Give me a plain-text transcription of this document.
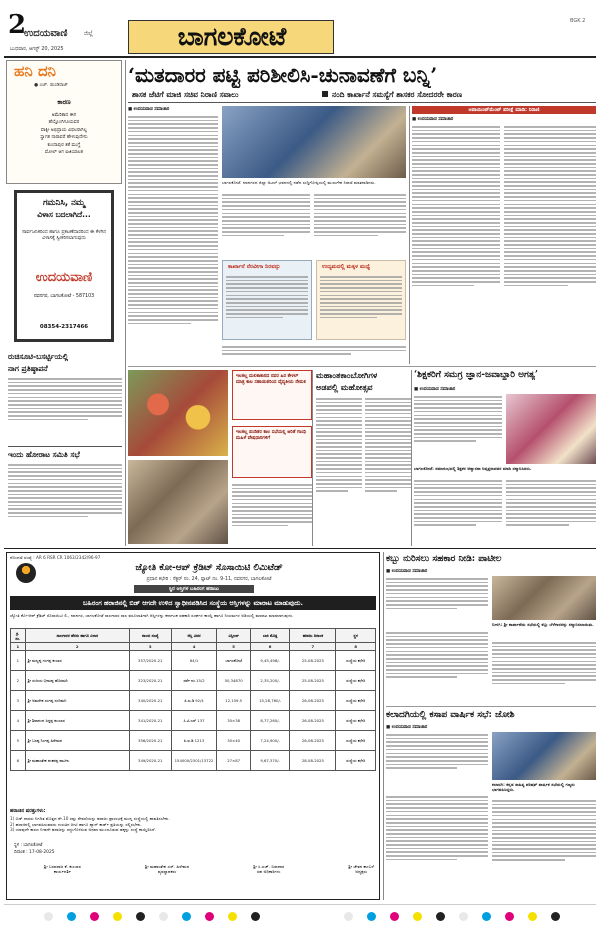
2
ಉದಯವಾಣಿ	ಜಿಲ್ಲೆ
ಬುಧವಾರ, ಆಗಸ್ಟ್ 20, 2025	ಬಾಗಲಕೋಟೆ
BGK 2
ಹನಿ ದನಿ
● ಎಚ್. ಡುಂಡಿರಾಜ್
ಕಾರಣ
ಅಮೆರಿಕಾದ ಈಗ
ಹೆಯ್ತೊಂಗಿಗೂಯವರ
ವಾಕ್ಸೀ ಅಭಿಪ್ರಾಯ ವಿಫಲರಾಗಿಲ್ಲ
ಸ್ವಾಗತ ನಾರಾವರೆ ಹೇಳುವುದೇನು
ಕುಂದಾಪುರ ಶಕೆ ಮುಗ್ದೆ
ಮೋಲ್ ಆಗ ಐಜಿಯಾಲಕ
ಗಮನಿಸಿ, ನಮ್ಮ
ವಿಳಾಸ ಬದಲಾಗಿದೆ...
ಸಾರ್ವಜನಿಕರಿಂದ ಹಾಗೂ ಪ್ರಕಟಣೆದಾರರಿಂದ ಈ ಕೆಳಗಿನ ವಿಳಾಸಕ್ಕೆ ಸ್ವೀಕರಿಸಲಾಗುವುದು
ಉದಯವಾಣಿ
ನವನಗರ, ಬಾಗಲಕೋಟೆ - 587103
08354-2317466
ರುಚಿಸೂಟಿ-ಬಸರ್ಟ್ಟಿಯಲ್ಲಿ
ನಾಗ ಪ್ರತಿಷ್ಠಾಪನೆ
ಇಂದು ಹೋರಾಟ ಸಮಿತಿ ಸಭೆ
‘ಮತದಾರರ ಪಟ್ಟಿ ಪರಿಶೀಲಿಸಿ-ಚುನಾವಣೆಗೆ ಬನ್ನಿ’
ಶಾಸಕ ಜೆಟಿಗೆ ಮಾಜಿ ಸಚಿವ ನಿರಾಣಿ ಸವಾಲು	ನಂದಿ ಕಾರ್ಖಾನೆ ಸಮಸ್ಯೆಗೆ ಶಾಸಕರ ಸೋದರರೇ ಕಾರಣ
■ ಉದಯವಾಣಿ ಸಮಾಚಾರ
ಬಾಗಲಕೋಟೆ: ನವನಗರದ ಜಿಲ್ಲಾ ಅಟಲ್‌ ಭವನದಲ್ಲಿ ನಡೆದ ಸುದ್ದಿಗೋಷ್ಠಿಯಲ್ಲಿ ಮುರುಗೇಶ ನಿರಾಣಿ ಮಾತನಾಡಿದರು.
ಕಾರ್ಖಾನೆ ನೆರವೀಗಾ ನಿರವನ್ನು	ಉದ್ಯಮದಲ್ಲಿ ಮಕ್ಕಳ ಮಧ್ಯೆ
ಅಪಾಯಿಂಟ್‌ಮೆಂಟ್ ಪರೀಕ್ಷೆ ಮಾಡಿ: ನಿರಾಣಿ
■ ಉದಯವಾಣಿ ಸಮಾಚಾರ
ಇಲಕಲ್ಲ ಮಲಿಕಾಕಾನದ ನವರ ಹಿರ ಕೇಳಲ್ ಮಾತ್ರ ಕಾಲ ಸಹಾಯಿತರಿಂದ ವೈದ್ಯಕೀಯ ನೇಮಕ
ಇಲಕಲ್ಲ ಪಂಡಿತರ ಕಾಲ ಸಭೆಯಲ್ಲಿ ಅರಿತೆ ಗಾಂಧಿ ಮಹಿಳೆ ವೇಷಧಾರಿಗಳಿಗೆ
ಮಹಾಂತಕಾಂಬೋಗಿಗಳ
ಅಡಪಲ್ಲಿ ಮಹೋತ್ಸವ
‘ಶಿಕ್ಷಕರಿಗೆ ಸಮಗ್ರ ಜ್ಞಾನ-ಜವಾಬ್ದಾರಿ ಅಗತ್ಯ’
■ ಉದಯವಾಣಿ ಸಮಾಚಾರ
ಬಾಗಲಕೋಟೆ: ಸಮಾರಂಭದಲ್ಲಿ ಶಿಕ್ಷಕರ ಆಶ್ವಾಸನಾ ನಿವೃತ್ತರಾದವರ ಮಾಡಿ ಸನ್ಮಾನಿಸಿದರು.
ನೊಂದಣಿ ಸಂಖ್ಯೆ : AR 6 RSR CR 1063/2342/96-97
ಜ್ಯೋತಿ ಕೋ-ಆಪ್ ಕ್ರೆಡಿಟ್ ಸೊಸಾಯಿಟಿ ಲಿಮಿಟೆಡ್
ಪ್ರಧಾನ ಕಛೇರಿ : ಸೆಕ್ಟರ್ ನಂ. 24, ಪ್ಲಾಟ್ ನಂ. 9-11, ನವನಗರ, ಬಾಗಲಕೋಟೆ
ಸ್ಥಿರ ಆಸ್ತಿಗಳ ಬಹಿರಂಗ ಹರಾಜು
ಬಹಿರಂಗ ಹರಾಜಿನಲ್ಲಿ ಬಿಡ್ ಆಗದೇ ಉಳಿದ ಸ್ವಾಧೀನಪಡಿಸಿದ ಸಂಸ್ಥೆಯ ಆಸ್ತಿಗಳನ್ನು ಮಾರಾಟ ಮಾಡುವುದು.
ಜ್ಯೋತಿ ಕೋ-ಆಪ್ ಕ್ರೆಡಿಟ್ ಸೊಸಾಯಿಟಿ ಲಿ., ನವನಗರ, ಬಾಗಲಕೋಟೆ ಸಾಲಗಾರರ ಸಾಲ ವಸೂಲಾತಿಗಾಗಿ ಆಸ್ತಿಗಳನ್ನು ಕರ್ನಾಟಕ ಸಹಕಾರಿ ಸಂಘಗಳ ಕಾಯ್ದೆ ಹಾಗೂ ನಿಯಮಗಳ ಅಡಿಯಲ್ಲಿ ಮಾರಾಟ ಮಾಡಲಾಗುವುದು.
ಕ್ರ. ಸಂ.	ಸಾಲಗಾರರ ಹೆಸರು ಹಾಗೂ ವಿಳಾಸ	ಸಾಲದ ಸಂಖ್ಯೆ	ಆಸ್ತಿ ವಿವರ	ವಿಸ್ತೀರ್ಣ	ಬಾಕಿ ಮೊತ್ತ	ಹರಾಜು ದಿನಾಂಕ	ಸ್ಥಳ
1	2	3	4	5	6	7	8
1	ಶ್ರೀ ಮಲ್ಲಪ್ಪ ಗಂಗಪ್ಪ ಕಂಬಾರ	357/2020-21	64/1	ಬಾಗಲಕೋಟೆ	9,45,498/-	25-08-2025	ಸಂಸ್ಥೆಯ ಕಛೇರಿ
2	ಶ್ರೀ ಸಂಜಯ ಭೀಮಪ್ಪ ಹೊಸಮನಿ	323/2020-21	ಸರ್ವೆ ನಂ.15/2	50,34870	2,35,200/-	25-08-2025	ಸಂಸ್ಥೆಯ ಕಛೇರಿ
3	ಶ್ರೀ ಅಮರೇಶ ಸಂಗಪ್ಪ ಸಂದಿಮನಿ	340/2020-21	ಪಿ.ಐ.ಡಿ 92/4	12,159.5	15,28,760/-	26-08-2025	ಸಂಸ್ಥೆಯ ಕಛೇರಿ
4	ಶ್ರೀ ಶಿವಾನಂದ ಸಿದ್ದಪ್ಪ ಕುಂಬಾರ	341/2020-21	ಸಿ.ಟಿ.ಎಸ್ 137	30×38	8,77,260/-	26-08-2025	ಸಂಸ್ಥೆಯ ಕಛೇರಿ
5	ಶ್ರೀ ಬಸಪ್ಪ ನಿಂಗಪ್ಪ ಹಿರೇಮಠ	356/2020-21	ಪಿ.ಐ.ಡಿ 1213	30×40	7,24,900/-	26-08-2025	ಸಂಸ್ಥೆಯ ಕಛೇರಿ
6	ಶ್ರೀ ಮಹಾಂತೇಶ ಶಂಕರಪ್ಪ ಪಾಟೀಲ	349/2020-21	154000/2301/13722	27×87	9,67,370/-	28-08-2025	ಸಂಸ್ಥೆಯ ಕಛೇರಿ
ಹರಾಜಿನ ಷರತ್ತುಗಳು:
1) ಬಿಡ್ ದಾರರು ನಿಗದಿತ ಮೊತ್ತದ ಶೇ.10 ರಷ್ಟು ಠೇವಣಿಯನ್ನು ಹರಾಜು ಪ್ರಾರಂಭಕ್ಕೆ ಮುನ್ನ ಸಂಸ್ಥೆಯಲ್ಲಿ ಪಾವತಿಸಬೇಕು.
2) ಹರಾಜಿನಲ್ಲಿ ಭಾಗವಹಿಸುವವರು ಗುರುತಿನ ಚೀಟಿ ಹಾಗೂ ಪ್ಯಾನ್ ಕಾರ್ಡ್ ಪ್ರತಿಯನ್ನು ಸಲ್ಲಿಸಬೇಕು.
3) ಯಾವುದೇ ಕಾರಣ ನೀಡದೇ ಹರಾಜನ್ನು ರದ್ದುಗೊಳಿಸುವ ಅಥವಾ ಮುಂದೂಡುವ ಹಕ್ಕನ್ನು ಸಂಸ್ಥೆ ಕಾಯ್ದಿರಿಸಿದೆ.
ಸ್ಥಳ : ಬಾಗಲಕೋಟೆ
ದಿನಾಂಕ : 17-08-2025
ಶ್ರೀ ಬಸವರಾಜ ಕೆ. ಕುಂಬಾರ
ಕಾರ್ಯದರ್ಶಿ
ಶ್ರೀ ಮಹಾಂತೇಶ ಎಸ್. ಹಿರೇಮಠ
ವ್ಯವಸ್ಥಾಪಕರು
ಶ್ರೀ ಸಿ.ಎಚ್. ಬಿರಾದಾರ
ಸಹ ಅಧಿಕಾರಿಗಳು
ಶ್ರೀ ಚೇತನ ಕಾಂಬಳೆ
ಅಧ್ಯಕ್ಷರು
ಕಬ್ಬು ನುರಿಸಲು ಸಹಕಾರ ನೀಡಿ: ಪಾಟೀಲ
■ ಉದಯವಾಣಿ ಸಮಾಚಾರ
ಬೀಳಗಿ: ಶ್ರೀ ಕಾರ್ಖಾನೆಯ ಸಭೆಯಲ್ಲಿ ಕಬ್ಬು ಬೆಳೆಗಾರರನ್ನು ಸನ್ಮಾನಿಸಲಾಯಿತು.
ಕಲಾದಗಿಯಲ್ಲಿ ಕಸಾಪ ವಾರ್ಷಿಕ ಸಭೆ: ಜೋಶಿ
■ ಉದಯವಾಣಿ ಸಮಾಚಾರ
ಕಲಾದಗಿ: ಕನ್ನಡ ಸಾಹಿತ್ಯ ಪರಿಷತ್ ವಾರ್ಷಿಕ ಸಭೆಯಲ್ಲಿ ಗಣ್ಯರು ಭಾಗವಹಿಸಿದ್ದರು.
